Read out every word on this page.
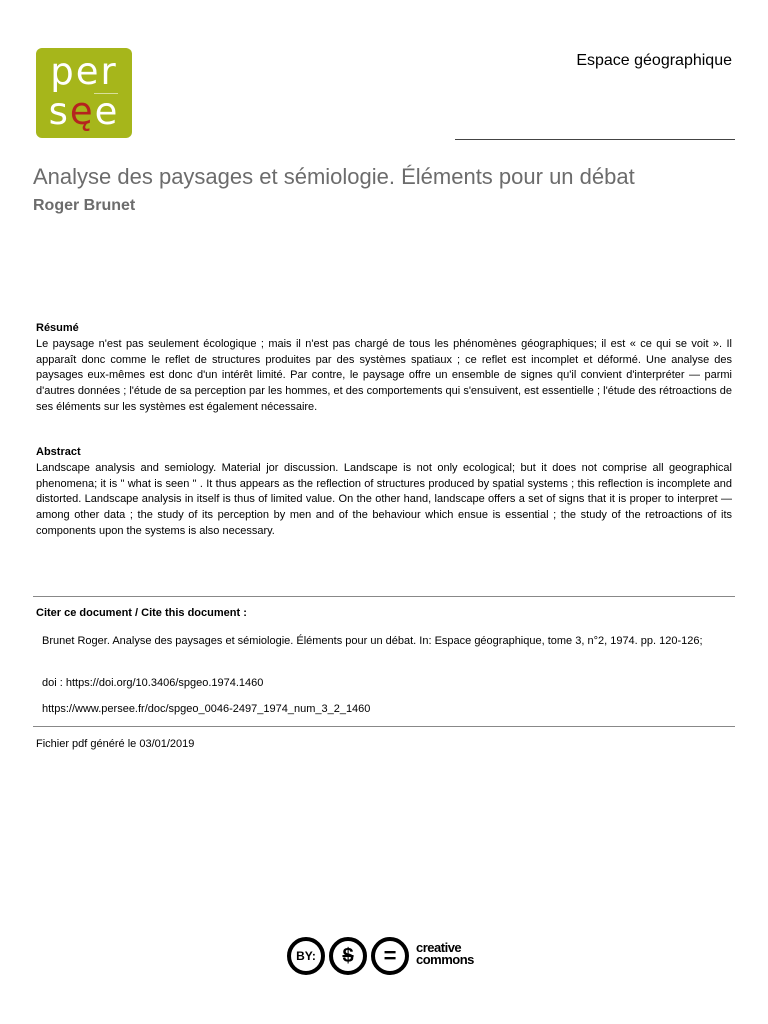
per
sęe
Espace géographique
Analyse des paysages et sémiologie. Éléments pour un débat
Roger Brunet
Résumé
Le paysage n'est pas seulement écologique ; mais il n'est pas chargé de tous les phénomènes géographiques; il est « ce qui se voit ». Il apparaît donc comme le reflet de structures produites par des systèmes spatiaux ; ce reflet est incomplet et déformé. Une analyse des paysages eux-mêmes est donc d'un intérêt limité. Par contre, le paysage offre un ensemble de signes qu'il convient d'interpréter — parmi d'autres données ; l'étude de sa perception par les hommes, et des comportements qui s'ensuivent, est essentielle ; l'étude des rétroactions de ses éléments sur les systèmes est également nécessaire.
Abstract
Landscape analysis and semiology. Material jor discussion. Landscape is not only ecological; but it does not comprise all geographical phenomena; it is " what is seen " . It thus appears as the reflection of structures produced by spatial systems ; this reflection is incomplete and distorted. Landscape analysis in itself is thus of limited value. On the other hand, landscape offers a set of signs that it is proper to interpret — among other data ; the study of its perception by men and of the behaviour which ensue is essential ; the study of the retroactions of its components upon the systems is also necessary.
Citer ce document / Cite this document :
Brunet Roger. Analyse des paysages et sémiologie. Éléments pour un débat. In: Espace géographique, tome 3, n°2, 1974. pp. 120-126;
doi : https://doi.org/10.3406/spgeo.1974.1460
https://www.persee.fr/doc/spgeo_0046-2497_1974_num_3_2_1460
Fichier pdf généré le 03/01/2019
BY:	$	=	creative
commons
